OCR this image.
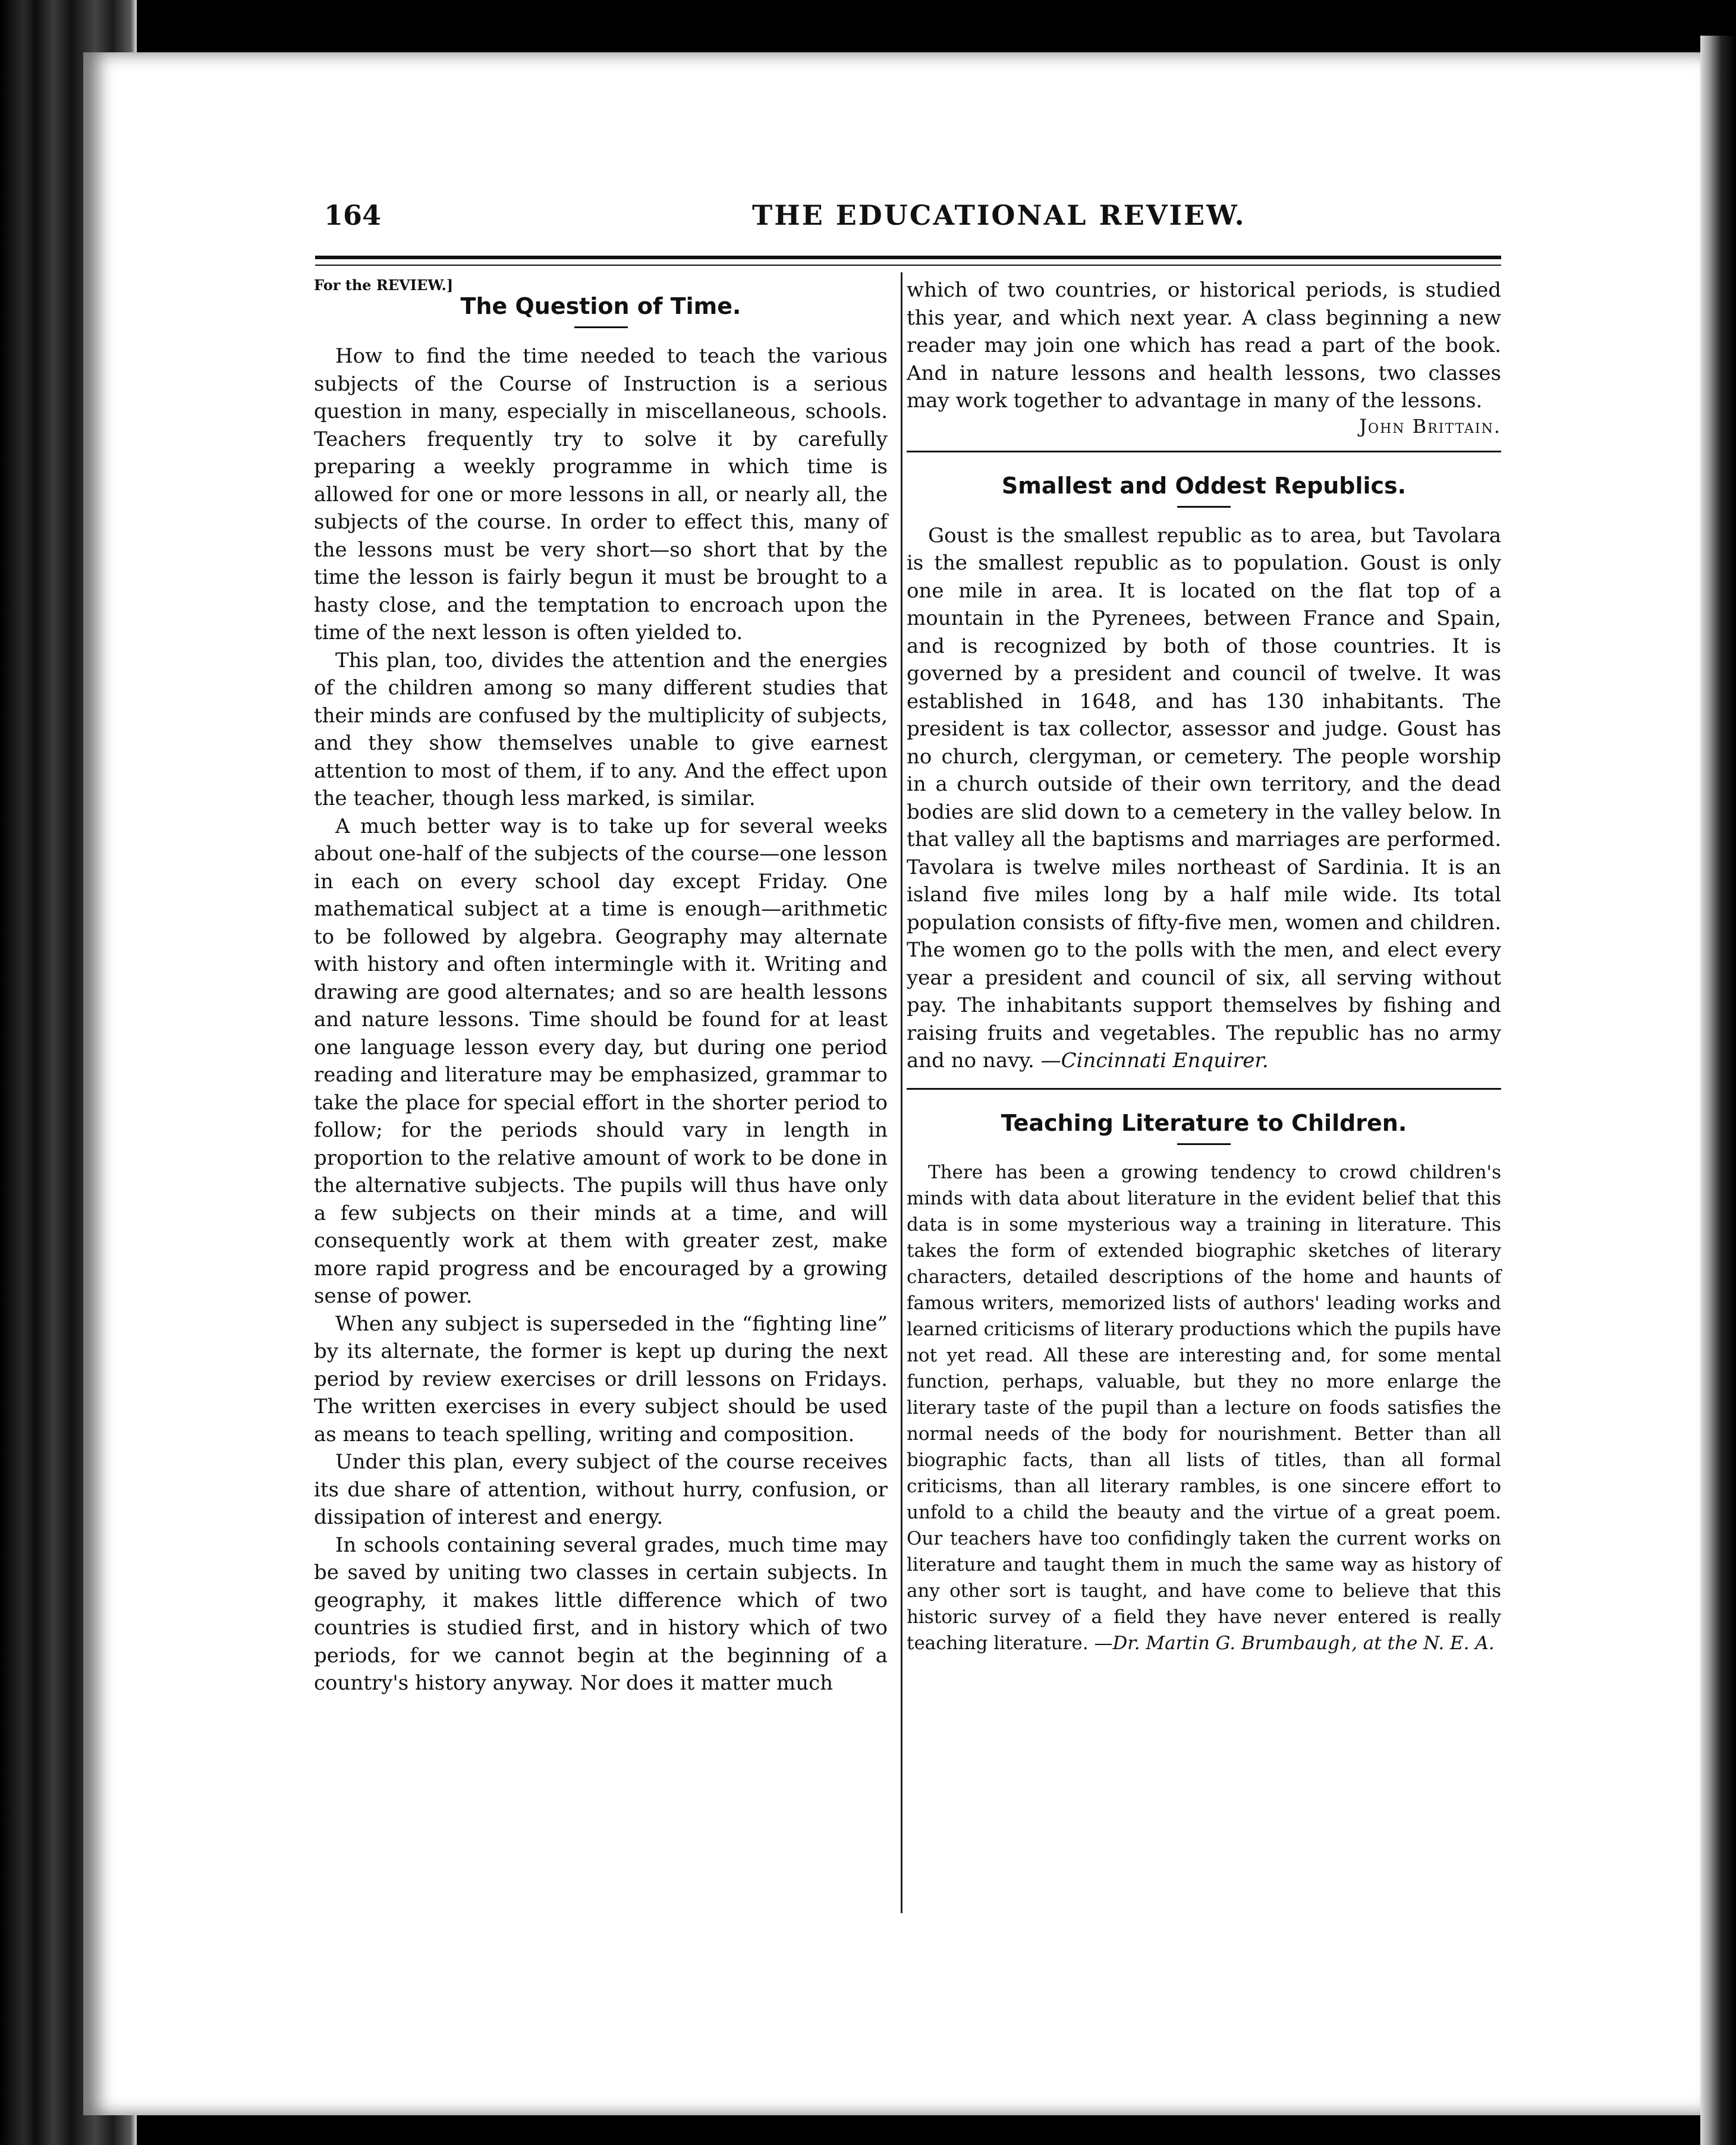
164	THE EDUCATIONAL REVIEW.

For the REVIEW.]

The Question of Time.

How to find the time needed to teach the various subjects of the Course of Instruction is a serious question in many, especially in miscellaneous, schools. Teachers frequently try to solve it by carefully preparing a weekly programme in which time is allowed for one or more lessons in all, or nearly all, the subjects of the course. In order to effect this, many of the lessons must be very short—so short that by the time the lesson is fairly begun it must be brought to a hasty close, and the temptation to encroach upon the time of the next lesson is often yielded to.

This plan, too, divides the attention and the energies of the children among so many different studies that their minds are confused by the multiplicity of subjects, and they show themselves unable to give earnest attention to most of them, if to any. And the effect upon the teacher, though less marked, is similar.

A much better way is to take up for several weeks about one-half of the subjects of the course—one lesson in each on every school day except Friday. One mathematical subject at a time is enough—arithmetic to be followed by algebra. Geography may alternate with history and often intermingle with it. Writing and drawing are good alternates; and so are health lessons and nature lessons. Time should be found for at least one language lesson every day, but during one period reading and literature may be emphasized, grammar to take the place for special effort in the shorter period to follow; for the periods should vary in length in proportion to the relative amount of work to be done in the alternative subjects. The pupils will thus have only a few subjects on their minds at a time, and will consequently work at them with greater zest, make more rapid progress and be encouraged by a growing sense of power.

When any subject is superseded in the “fighting line” by its alternate, the former is kept up during the next period by review exercises or drill lessons on Fridays. The written exercises in every subject should be used as means to teach spelling, writing and composition.

Under this plan, every subject of the course receives its due share of attention, without hurry, confusion, or dissipation of interest and energy.

In schools containing several grades, much time may be saved by uniting two classes in certain subjects. In geography, it makes little difference which of two countries is studied first, and in history which of two periods, for we cannot begin at the beginning of a country's history anyway. Nor does it matter much

which of two countries, or historical periods, is studied this year, and which next year. A class beginning a new reader may join one which has read a part of the book. And in nature lessons and health lessons, two classes may work together to advantage in many of the lessons.

John Brittain.

Smallest and Oddest Republics.

Goust is the smallest republic as to area, but Tavolara is the smallest republic as to population. Goust is only one mile in area. It is located on the flat top of a mountain in the Pyrenees, between France and Spain, and is recognized by both of those countries. It is governed by a president and council of twelve. It was established in 1648, and has 130 inhabitants. The president is tax collector, assessor and judge. Goust has no church, clergyman, or cemetery. The people worship in a church outside of their own territory, and the dead bodies are slid down to a cemetery in the valley below. In that valley all the baptisms and marriages are performed. Tavolara is twelve miles northeast of Sardinia. It is an island five miles long by a half mile wide. Its total population consists of fifty-five men, women and children. The women go to the polls with the men, and elect every year a president and council of six, all serving without pay. The inhabitants support themselves by fishing and raising fruits and vegetables. The republic has no army and no navy. —Cincinnati Enquirer.

Teaching Literature to Children.

There has been a growing tendency to crowd children's minds with data about literature in the evident belief that this data is in some mysterious way a training in literature. This takes the form of extended biographic sketches of literary characters, detailed descriptions of the home and haunts of famous writers, memorized lists of authors' leading works and learned criticisms of literary productions which the pupils have not yet read. All these are interesting and, for some mental function, perhaps, valuable, but they no more enlarge the literary taste of the pupil than a lecture on foods satisfies the normal needs of the body for nourishment. Better than all biographic facts, than all lists of titles, than all formal criticisms, than all literary rambles, is one sincere effort to unfold to a child the beauty and the virtue of a great poem. Our teachers have too confidingly taken the current works on literature and taught them in much the same way as history of any other sort is taught, and have come to believe that this historic survey of a field they have never entered is really teaching literature. —Dr. Martin G. Brumbaugh, at the N. E. A.
